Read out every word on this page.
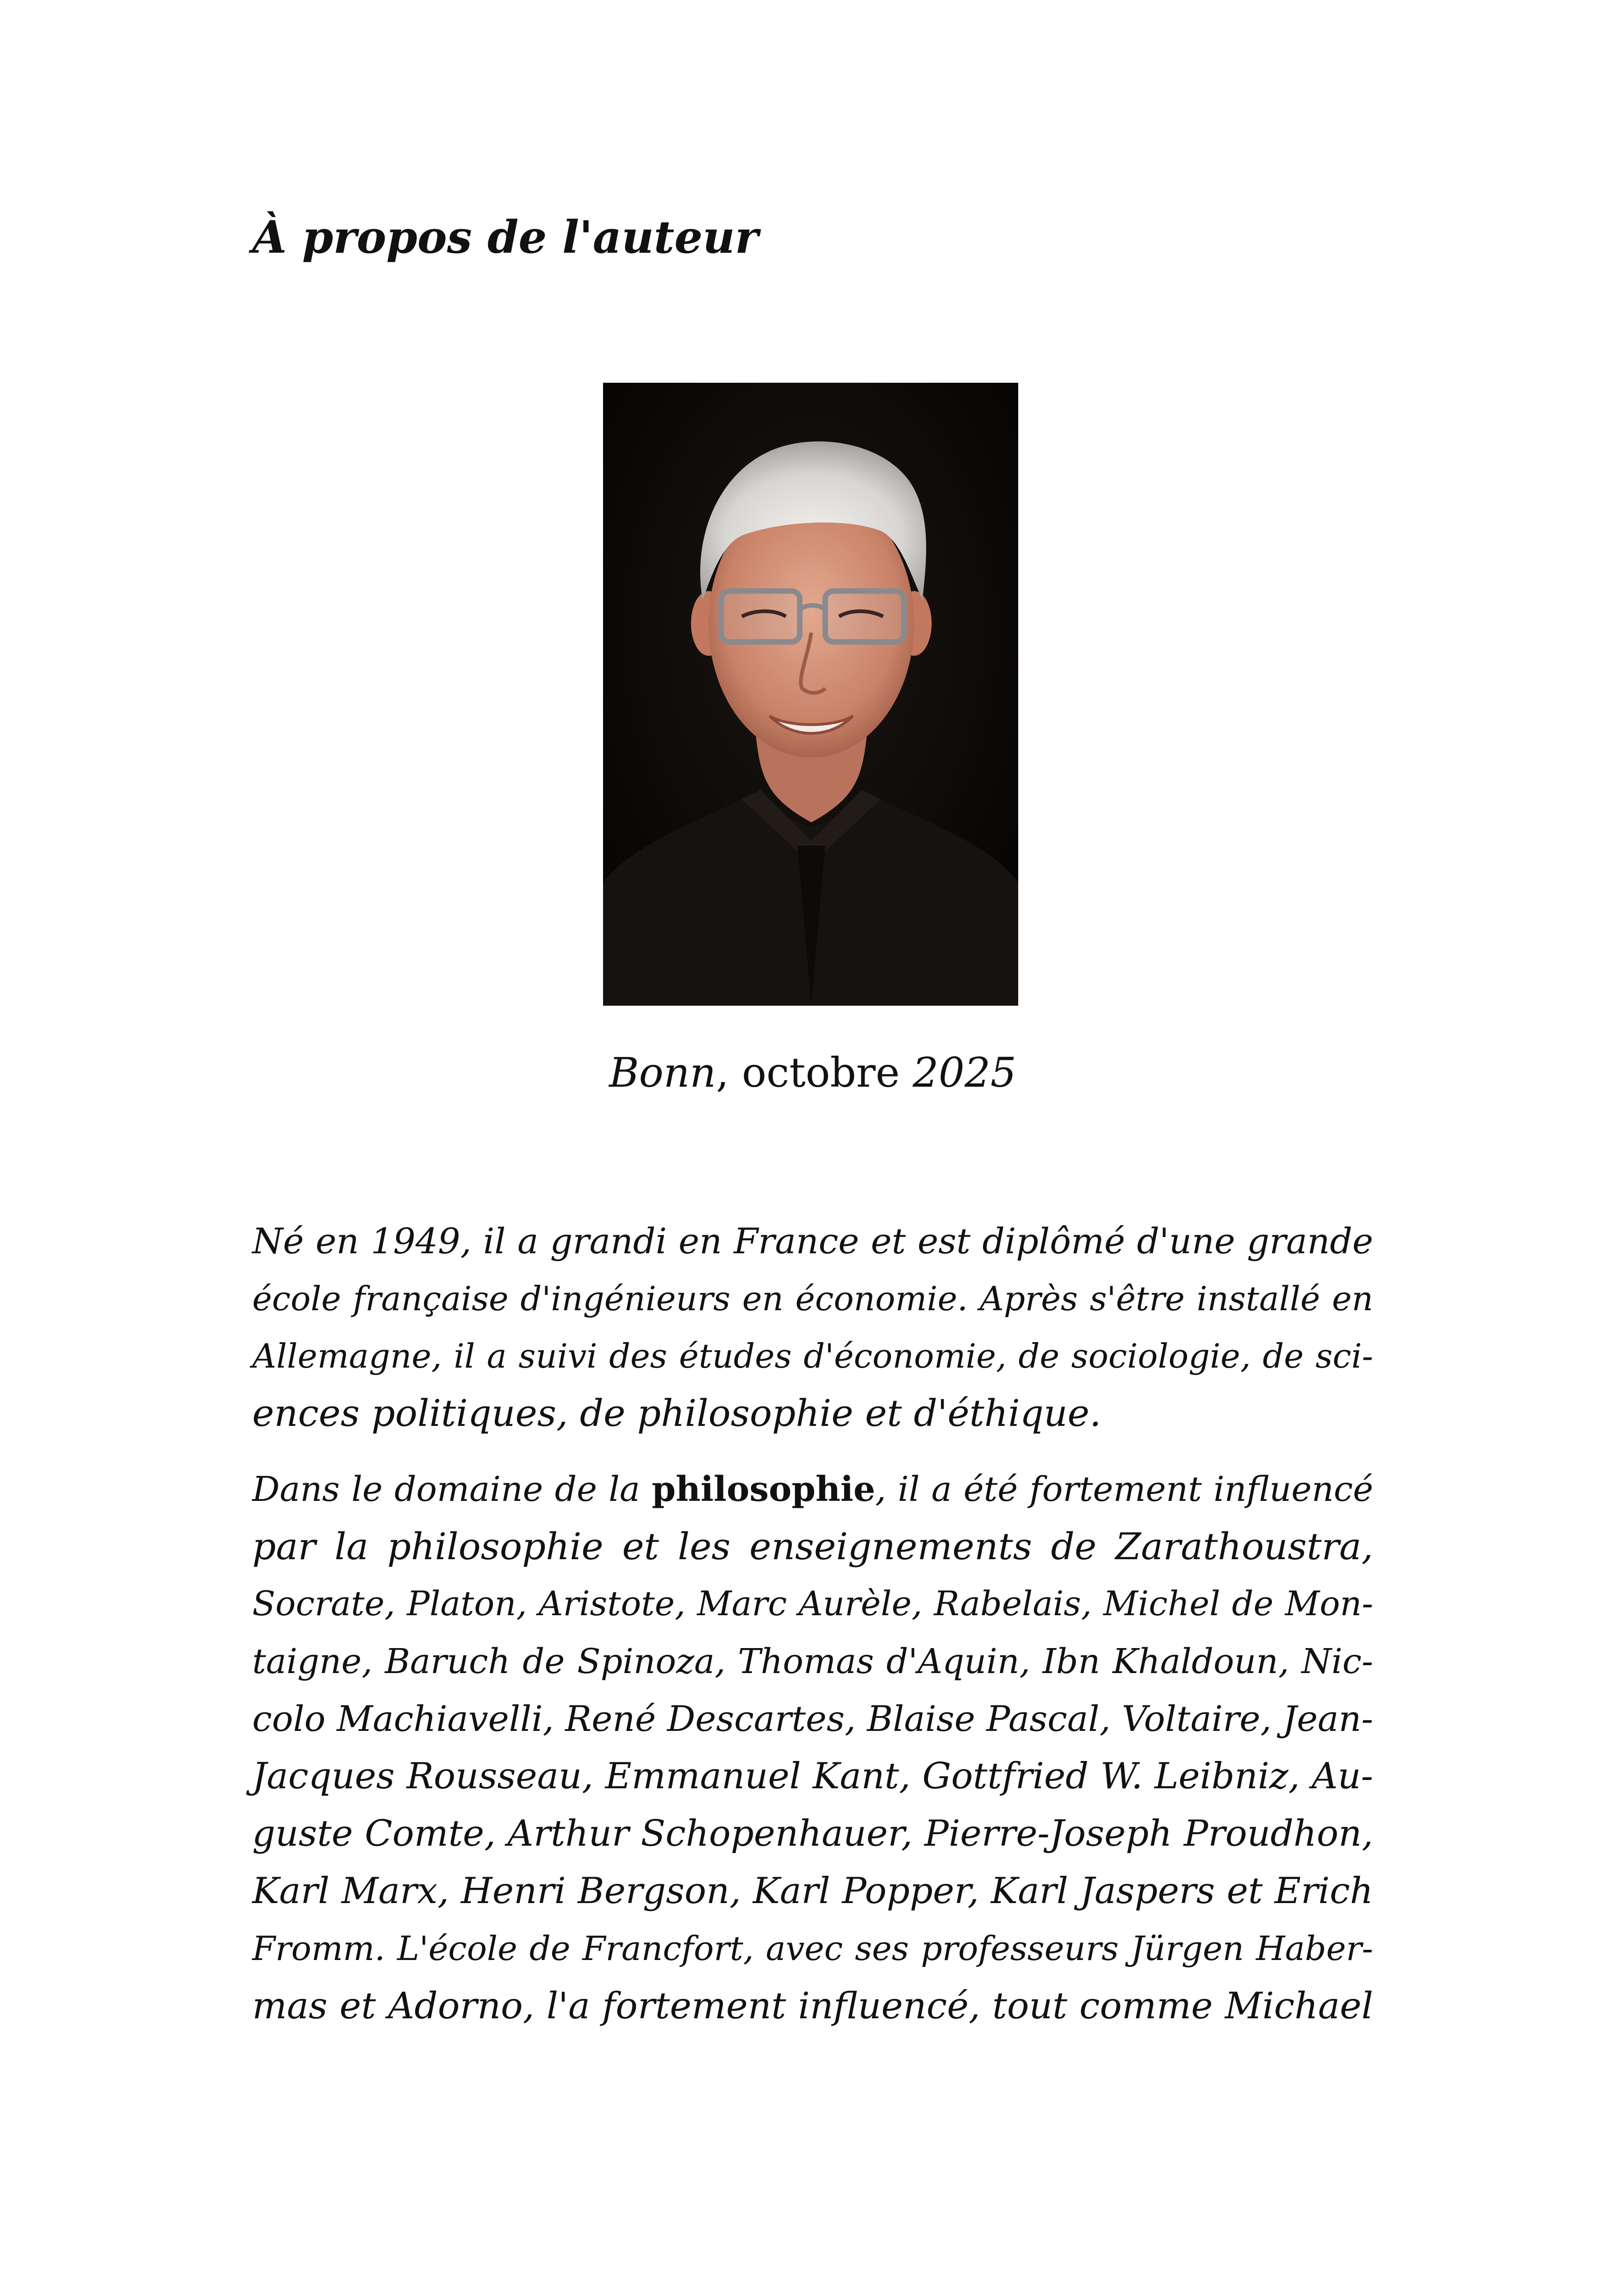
À propos de l'auteur
Bonn, octobre 2025
Né en 1949, il a grandi en France et est diplômé d'une grande
école française d'ingénieurs en économie. Après s'être installé en
Allemagne, il a suivi des études d'économie, de sociologie, de sci-
ences politiques, de philosophie et d'éthique.
Dans le domaine de la philosophie, il a été fortement influencé
par la philosophie et les enseignements de Zarathoustra,
Socrate, Platon, Aristote, Marc Aurèle, Rabelais, Michel de Mon-
taigne, Baruch de Spinoza, Thomas d'Aquin, Ibn Khaldoun, Nic-
colo Machiavelli, René Descartes, Blaise Pascal, Voltaire, Jean-
Jacques Rousseau, Emmanuel Kant, Gottfried W. Leibniz, Au-
guste Comte, Arthur Schopenhauer, Pierre-Joseph Proudhon,
Karl Marx, Henri Bergson, Karl Popper, Karl Jaspers et Erich
Fromm. L'école de Francfort, avec ses professeurs Jürgen Haber-
mas et Adorno, l'a fortement influencé, tout comme Michael
